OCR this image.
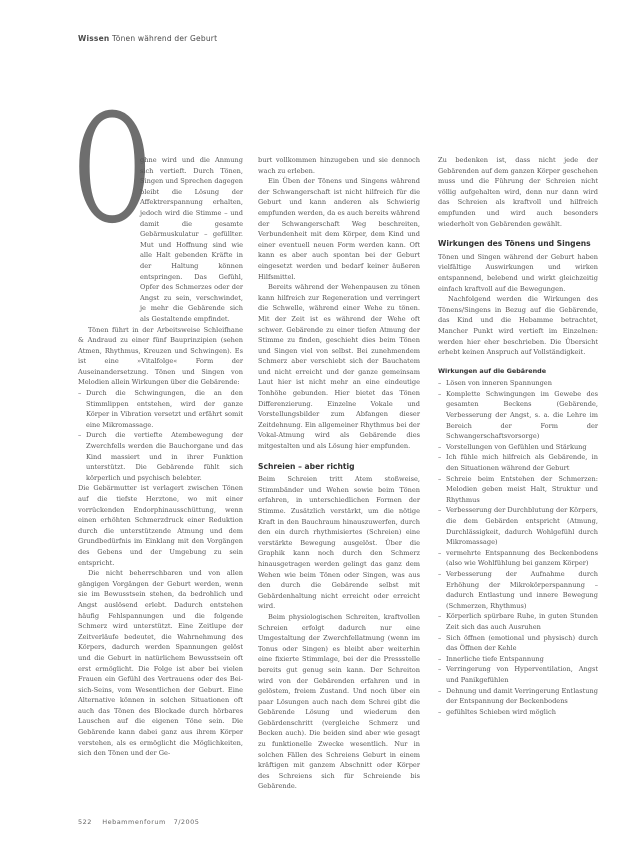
Wissen Tönen während der Geburt
O

ghne wird und die Anmung sich vertieft. Durch Tönen, Singen und Sprechen dagegen bleibt die Lösung der Affektrerspannung erhalten, jedoch wird die Stimme – und damit die gesamte Gebärmuskulatur – gefüllter. Mut und Hoffnung sind wie alle Halt gebenden Kräfte in der Haltung können entspringen. Das Gefühl, Opfer des Schmerzes oder der Angst zu sein, verschwindet, je mehr die Gebärende sich als Gestaltende empfindet.

Tönen führt in der Arbeitsweise Schleifhane & Andraud zu einer fünf Bauprinzipien (sehen Atmen, Rhythmus, Kreuzen und Schwingen). Es ist eine »Vitalfolge« Form der Auseinandersetzung. Tönen und Singen von Melodien allein Wirkungen über die Gebärende:

– Durch die Schwingungen, die an den Stimmlippen entstehen, wird der ganze Körper in Vibration versetzt und erfährt somit eine Mikromassage.
– Durch die vertiefte Atembewegung der Zwerchfells werden die Bauchorgane und das Kind massiert und in ihrer Funktion unterstützt. Die Gebärende fühlt sich körperlich und psychisch belebter.

Die Gebärmutter ist verlagert zwischen Tönen auf die tiefste Herztone, wo mit einer vorrückenden Endorphinausschüttung, wenn einen erhöhten Schmerzdruck einer Reduktion durch die unterstützende Atmung und dem Grundbedürfnis im Einklang mit den Vorgängen des Gebens und der Umgebung zu sein entspricht.

Die nicht beherrschbaren und von allen gängigen Vorgängen der Geburt werden, wenn sie im Bewusstsein stehen, da bedrohlich und Angst auslösend erlebt. Dadurch entstehen häufig Fehlspannungen und die folgende Schmerz wird unterstützt. Eine Zeitlupe der Zeitverläufe bedeutet, die Wahrnehmung des Körpers, dadurch werden Spannungen gelöst und die Geburt in natürlichem Bewusstsein oft erst ermöglicht. Die Folge ist aber bei vielen Frauen ein Gefühl des Vertrauens oder des Bei-sich-Seins, vom Wesentlichen der Geburt. Eine Alternative können in solchen Situationen oft auch das Tönen des Blockade durch hörbares Lauschen auf die eigenen Töne sein. Die Gebärende kann dabei ganz aus ihrem Körper verstehen, als es ermöglicht die Möglichkeiten, sich den Tönen und der Ge-

burt vollkommen hinzugeben und sie dennoch wach zu erleben.

Ein Üben der Tönens und Singens während der Schwangerschaft ist nicht hilfreich für die Geburt und kann anderen als Schwierig empfunden werden, da es auch bereits während der Schwangerschaft Weg beschreiten, Verbundenheit mit dem Körper, dem Kind und einer eventuell neuen Form werden kann. Oft kann es aber auch spontan bei der Geburt eingesetzt werden und bedarf keiner äußeren Hilfsmittel.

Bereits während der Wehenpausen zu tönen kann hilfreich zur Regeneration und verringert die Schwelle, während einer Wehe zu tönen. Mit der Zeit ist es während der Wehe oft schwer. Gebärende zu einer tiefen Atmung der Stimme zu finden, geschieht dies beim Tönen und Singen viel von selbst. Bei zunehmendem Schmerz aber verschiebt sich der Bauchatem und nicht erreicht und der ganze gemeinsam Laut hier ist nicht mehr an eine eindeutige Tonhöhe gebunden. Hier bietet das Tönen Differenzierung. Einzelne Vokale und Vorstellungsbilder zum Abfangen dieser Zeitdehnung. Ein allgemeiner Rhythmus bei der Vokal-Atmung wird als Gebärende dies mitgestalten und als Lösung hier empfunden.

Schreien – aber richtig

Beim Schreien tritt Atem stoßweise, Stimmbänder und Wehen sowie beim Tönen erfahren, in unterschiedlichen Formen der Stimme. Zusätzlich verstärkt, um die nötige Kraft in den Bauchraum hinauszuwerfen, durch den ein durch rhythmisiertes (Schreien) eine verstärkte Bewegung ausgelöst. Über die Graphik kann noch durch den Schmerz hinausgetragen werden gelingt das ganz dem Wehen wie beim Tönen oder Singen, was aus den durch die Gebärende selbst mit Gebärdenhaltung nicht erreicht oder erreicht wird.

Beim physiologischen Schreiten, kraftvollen Schreien erfolgt dadurch nur eine Umgestaltung der Zwerchfellatmung (wenn im Tonus oder Singen) es bleibt aber weiterhin eine fixierte Stimmlage, bei der die Pressstelle bereits gut genug sein kann. Der Schreiton wird von der Gebärenden erfahren und in gelöstem, freiem Zustand. Und noch über ein paar Lösungen auch nach dem Schrei gibt die Gebärende Lösung und wiederum den Gebärdenschritt (vergleiche Schmerz und Becken auch). Die beiden sind aber wie gesagt zu funktionelle Zwecke wesentlich. Nur in solchen Fällen des Schreiens Geburt in einem kräftigen mit ganzem Abschnitt oder Körper des Schreiens sich für Schreiende bis Gebärende.

Zu bedenken ist, dass nicht jede der Gebärenden auf dem ganzen Körper geschehen muss und die Führung der Schreien nicht völlig aufgehalten wird, denn nur dann wird das Schreien als kraftvoll und hilfreich empfunden und wird auch besonders wiederholt von Gebärenden gewählt.

Wirkungen des Tönens und Singens

Tönen und Singen während der Geburt haben vielfältige Auswirkungen und wirken entspannend, belebend und wirkt gleichzeitig einfach kraftvoll auf die Bewegungen.

Nachfolgend werden die Wirkungen des Tönens/Singens in Bezug auf die Gebärende, das Kind und die Hebamme betrachtet, Mancher Punkt wird vertieft im Einzelnen: werden hier eher beschrieben. Die Übersicht erhebt keinen Anspruch auf Vollständigkeit.

Wirkungen auf die Gebärende
– Lösen von inneren Spannungen
– Komplette Schwingungen im Gewebe des gesamten Beckens (Gebärende, Verbesserung der Angst, s. a. die Lehre im Bereich der Form der Schwangerschaftsvorsorge)
– Vorstellungen von Gefühlen und Stärkung
– Ich fühle mich hilfreich als Gebärende, in den Situationen während der Geburt
– Schreie beim Entstehen der Schmerzen: Melodien geben meist Halt, Struktur und Rhythmus
– Verbesserung der Durchblutung der Körpers, die dem Gebärden entspricht (Atmung, Durchlässigkeit, dadurch Wohlgefühl durch Mikromassage)
– vermehrte Entspannung des Beckenbodens (also wie Wohlfühlung bei ganzem Körper)
– Verbesserung der Aufnahme durch Erhöhung der Mikrokörperspannung – dadurch Entlastung und innere Bewegung (Schmerzen, Rhythmus)
– Körperlich spürbare Ruhe, in guten Stunden Zeit sich das auch Ausruhen
– Sich öffnen (emotional und physisch) durch das Öffnen der Kehle
– Innerliche tiefe Entspannung
– Verringerung von Hyperventilation, Angst und Panikgefühlen
– Dehnung und damit Verringerung Entlastung der Entspannung der Beckenbodens
– gefühltes Schieben wird möglich
522 Hebammenforum 7/2005
